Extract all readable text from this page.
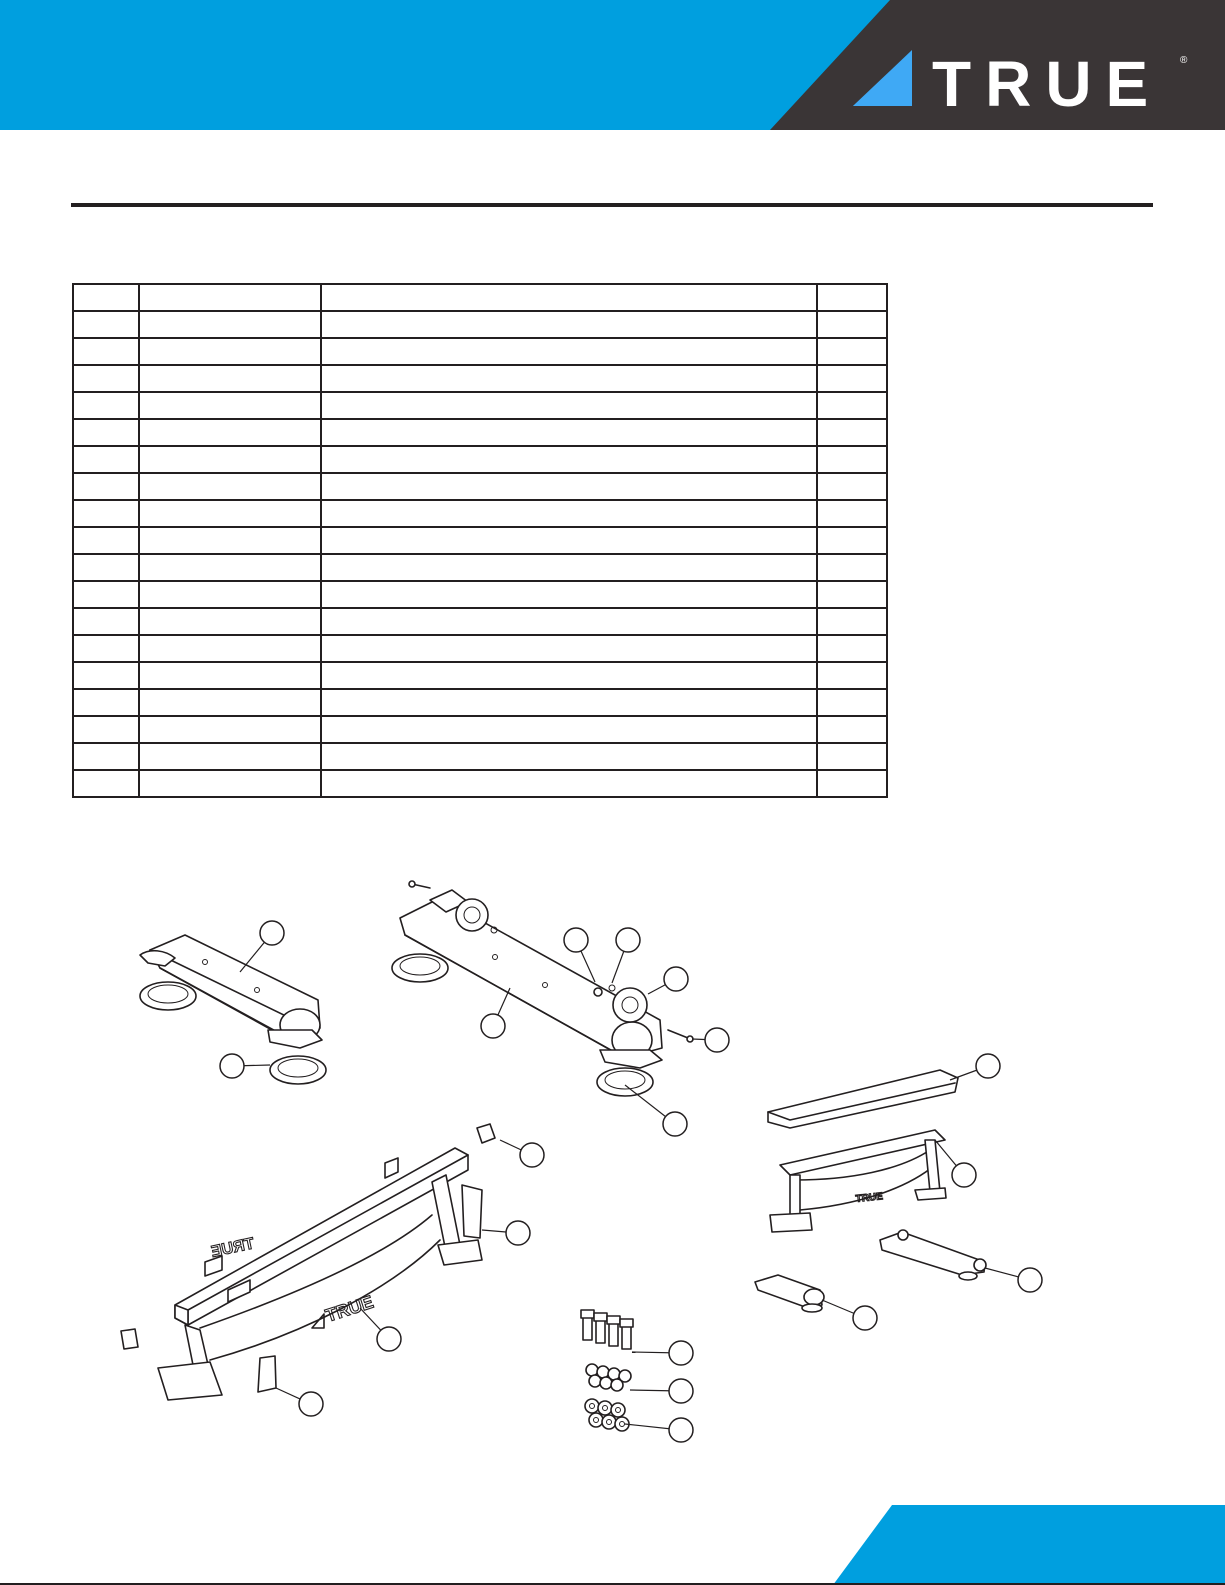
TRUE ®

TRUE
TRUE
TRUE
